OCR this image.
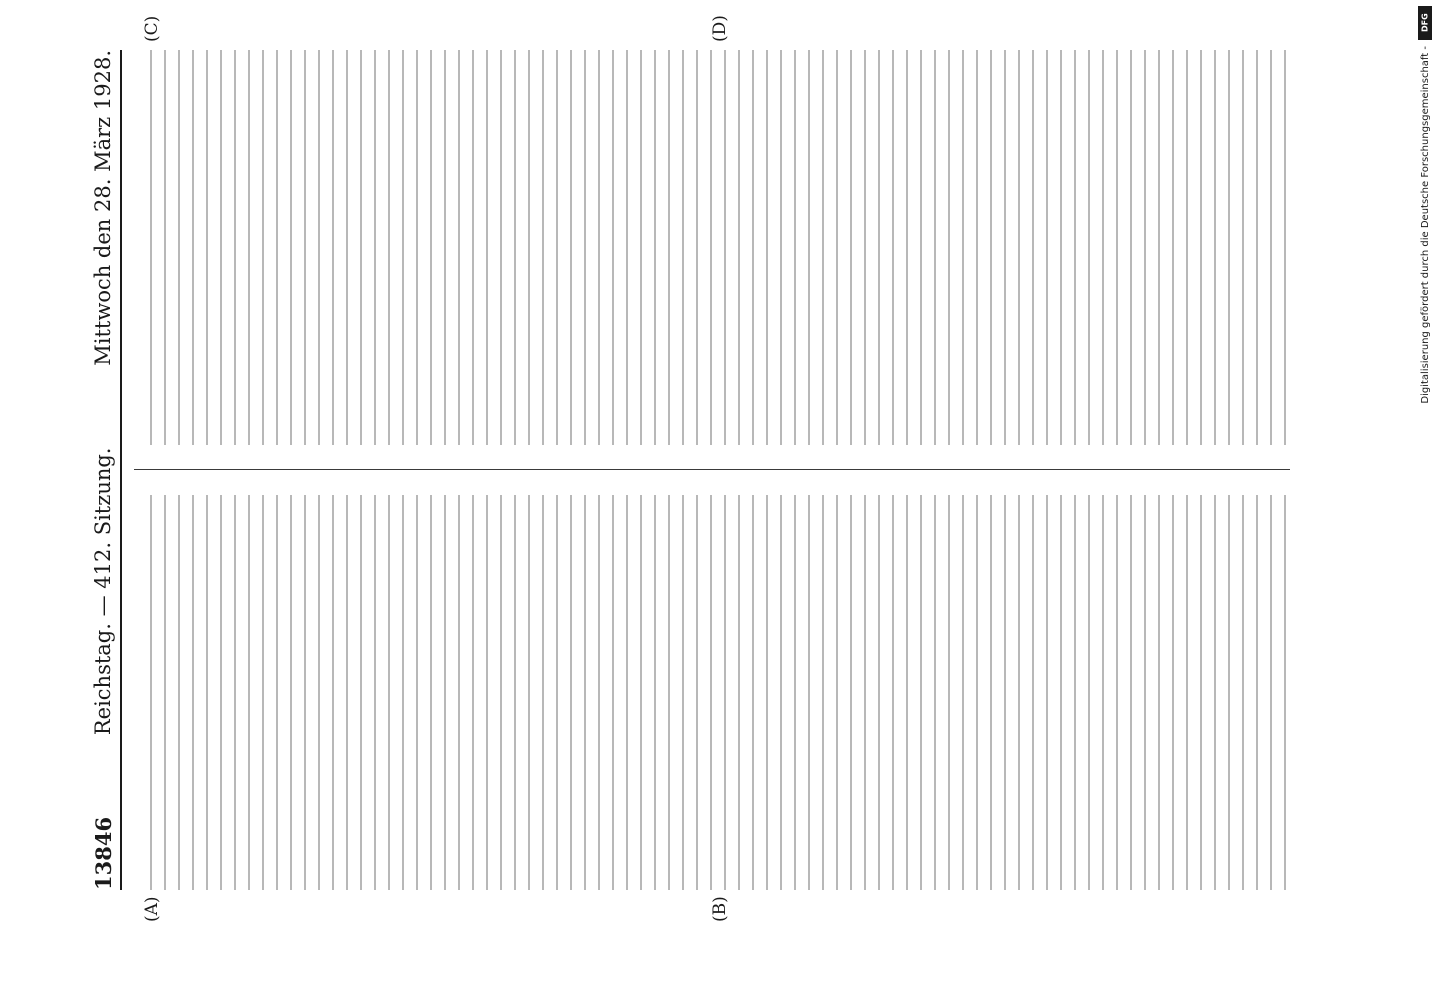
13846
Reichstag. — 412. Sitzung.
Mittwoch den 28. März 1928.
(A)	(B)
(C)	(D)	DFG
Digitalisierung gefördert durch die Deutsche Forschungsgemeinschaft -
